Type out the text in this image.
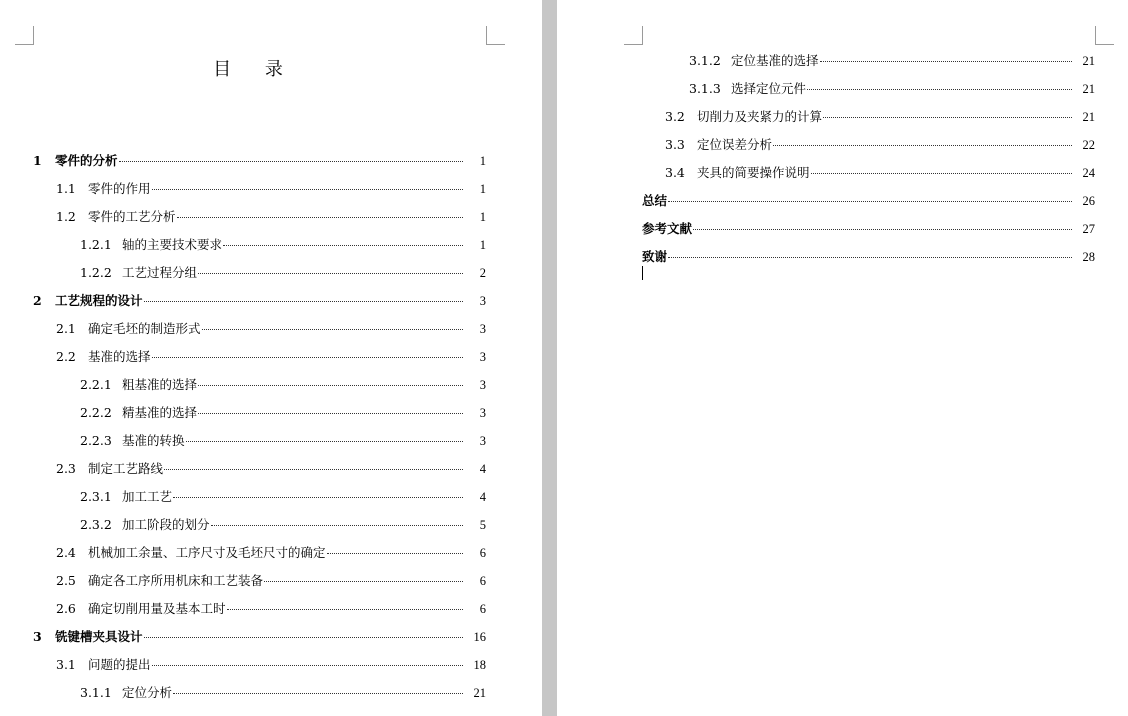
目 录
1	零件的分析	1
1.1 零件的作用	1
1.2 零件的工艺分析	1
1.2.1 轴的主要技术要求	1
1.2.2 工艺过程分组	2
2	工艺规程的设计	3
2.1 确定毛坯的制造形式	3
2.2 基准的选择	3
2.2.1 粗基准的选择	3
2.2.2 精基准的选择	3
2.2.3 基准的转换	3
2.3 制定工艺路线	4
2.3.1 加工工艺	4
2.3.2 加工阶段的划分	5
2.4 机械加工余量、工序尺寸及毛坯尺寸的确定	6
2.5 确定各工序所用机床和工艺装备	6
2.6 确定切削用量及基本工时	6
3	铣键槽夹具设计	16
3.1 问题的提出	18
3.1.1 定位分析	21
3.1.2 定位基准的选择	21
3.1.3 选择定位元件	21
3.2 切削力及夹紧力的计算	21
3.3 定位误差分析	22
3.4 夹具的简要操作说明	24
总结	26
参考文献	27
致谢	28
